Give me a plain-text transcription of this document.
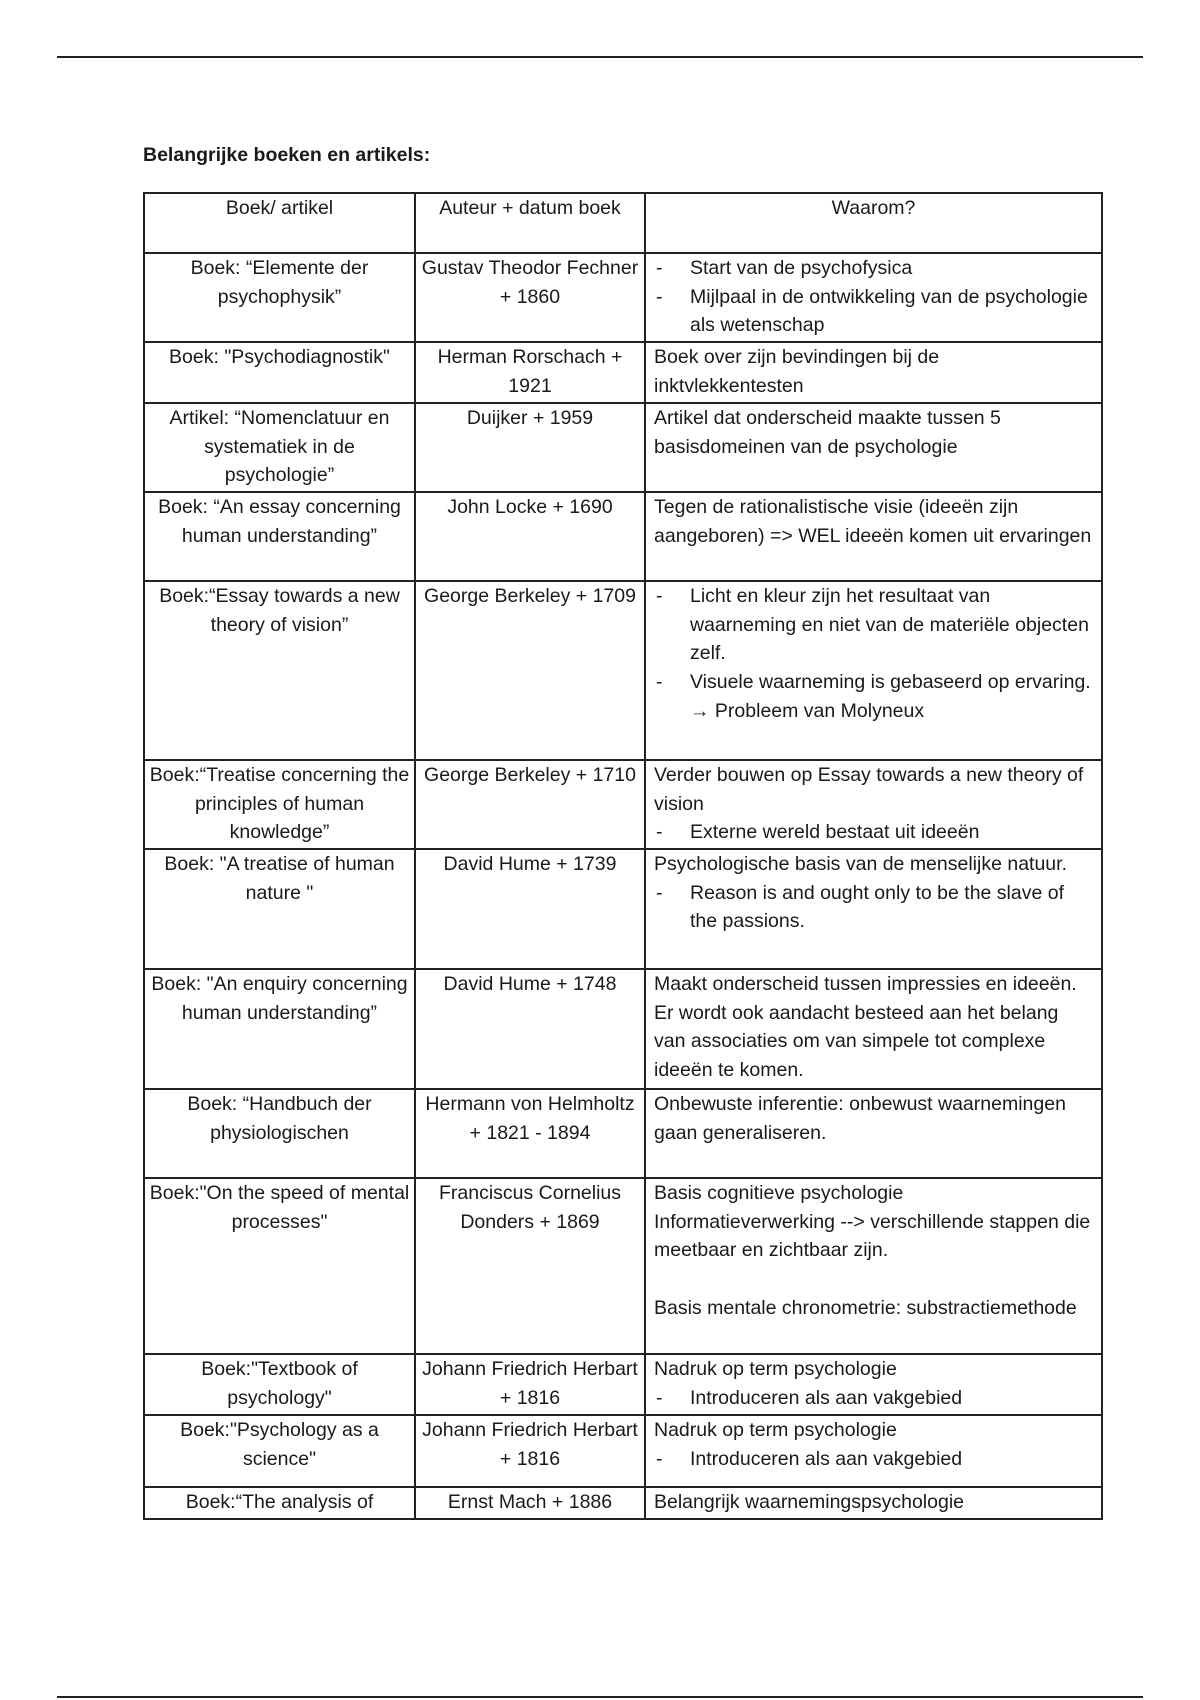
Belangrijke boeken en artikels:
Boek/ artikel	Auteur + datum boek	Waarom?
Boek: “Elemente der psychophysik”	Gustav Theodor Fechner + 1860	- Start van de psychofysica
- Mijlpaal in de ontwikkeling van de psychologie als wetenschap

Boek: "Psychodiagnostik"	Herman Rorschach + 1921	Boek over zijn bevindingen bij de inktvlekkentesten

Artikel: “Nomenclatuur en systematiek in de psychologie”	Duijker + 1959	Artikel dat onderscheid maakte tussen 5 basisdomeinen van de psychologie

Boek: “An essay concerning human understanding”	John Locke + 1690	Tegen de rationalistische visie (ideeën zijn aangeboren) => WEL ideeën komen uit ervaringen

Boek:“Essay towards a new theory of vision”	George Berkeley + 1709	- Licht en kleur zijn het resultaat van waarneming en niet van de materiële objecten zelf.
- Visuele waarneming is gebaseerd op ervaring.
→ Probleem van Molyneux

Boek:“Treatise concerning the principles of human knowledge”	George Berkeley + 1710	Verder bouwen op Essay towards a new theory of vision
- Externe wereld bestaat uit ideeën

Boek: "A treatise of human nature "	David Hume + 1739	Psychologische basis van de menselijke natuur.
- Reason is and ought only to be the slave of the passions.

Boek: "An enquiry concerning human understanding”	David Hume + 1748	Maakt onderscheid tussen impressies en ideeën. Er wordt ook aandacht besteed aan het belang van associaties om van simpele tot complexe ideeën te komen.

Boek: “Handbuch der physiologischen	Hermann von Helmholtz + 1821 - 1894	Onbewuste inferentie: onbewust waarnemingen gaan generaliseren.

Boek:"On the speed of mental processes"	Franciscus Cornelius Donders + 1869	Basis cognitieve psychologie
Informatieverwerking --> verschillende stappen die meetbaar en zichtbaar zijn.
Basis mentale chronometrie: substractiemethode

Boek:"Textbook of psychology"	Johann Friedrich Herbart + 1816	Nadruk op term psychologie
- Introduceren als aan vakgebied

Boek:"Psychology as a science"	Johann Friedrich Herbart + 1816	Nadruk op term psychologie
- Introduceren als aan vakgebied

Boek:“The analysis of	Ernst Mach + 1886	Belangrijk waarnemingspsychologie
